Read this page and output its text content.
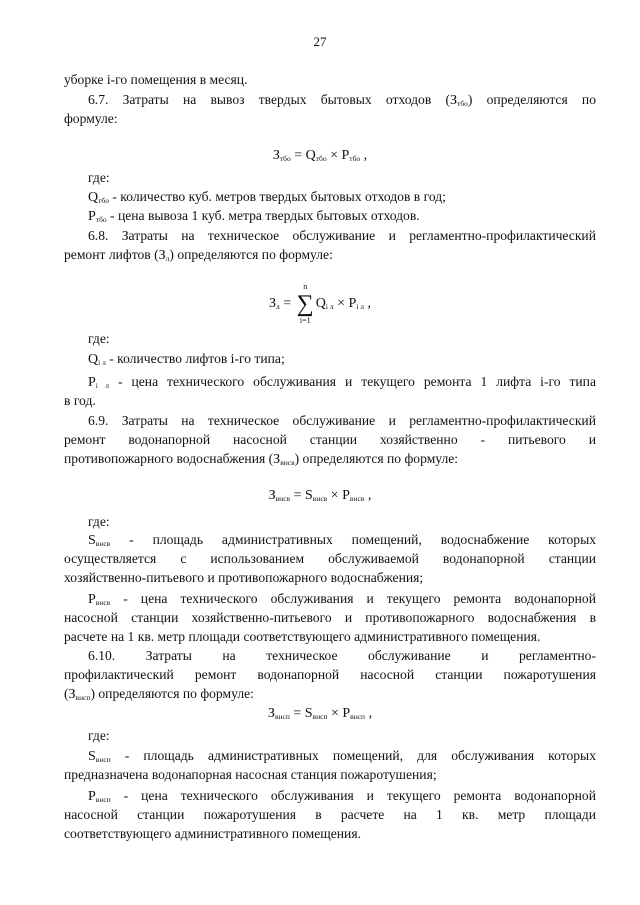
27
уборке i-го помещения в месяц.
6.7. Затраты на вывоз твердых бытовых отходов $(З_{тбо})$ определяются по
формуле:
$З_{тбо} = Q_{тбо} \times P_{тбо}$ ,
где:
$Q_{тбо}$ - количество куб. метров твердых бытовых отходов в год;
$P_{тбо}$ - цена вывоза 1 куб. метра твердых бытовых отходов.
6.8. Затраты на техническое обслуживание и регламентно-профилактический
ремонт лифтов $(З_л)$ определяются по формуле:
$З_л$ =
n
∑
i=1
$Q_{i л} \times P_{i л}$ ,
где:
$Q_{i л}$ - количество лифтов i-го типа;
$P_{i л}$ - цена технического обслуживания и текущего ремонта 1 лифта i-го типа
в год.
6.9. Затраты на техническое обслуживание и регламентно-профилактический
ремонт водонапорной насосной станции хозяйственно - питьевого и
противопожарного водоснабжения $(З_{внсв})$ определяются по формуле:
$З_{внсв} = S_{внсв} \times P_{внсв}$ ,
где:
$S_{внсв}$ - площадь административных помещений, водоснабжение которых
осуществляется с использованием обслуживаемой водонапорной станции
хозяйственно-питьевого и противопожарного водоснабжения;
$P_{внсв}$ - цена технического обслуживания и текущего ремонта водонапорной
насосной станции хозяйственно-питьевого и противопожарного водоснабжения в
расчете на 1 кв. метр площади соответствующего административного помещения.
6.10. Затраты на техническое обслуживание и регламентно-
профилактический ремонт водонапорной насосной станции пожаротушения
$(З_{внсп})$ определяются по формуле:
$З_{внсп} = S_{внсп} \times P_{внсп}$ ,
где:
$S_{внсп}$ - площадь административных помещений, для обслуживания которых
предназначена водонапорная насосная станция пожаротушения;
$P_{внсп}$ - цена технического обслуживания и текущего ремонта водонапорной
насосной станции пожаротушения в расчете на 1 кв. метр площади
соответствующего административного помещения.
